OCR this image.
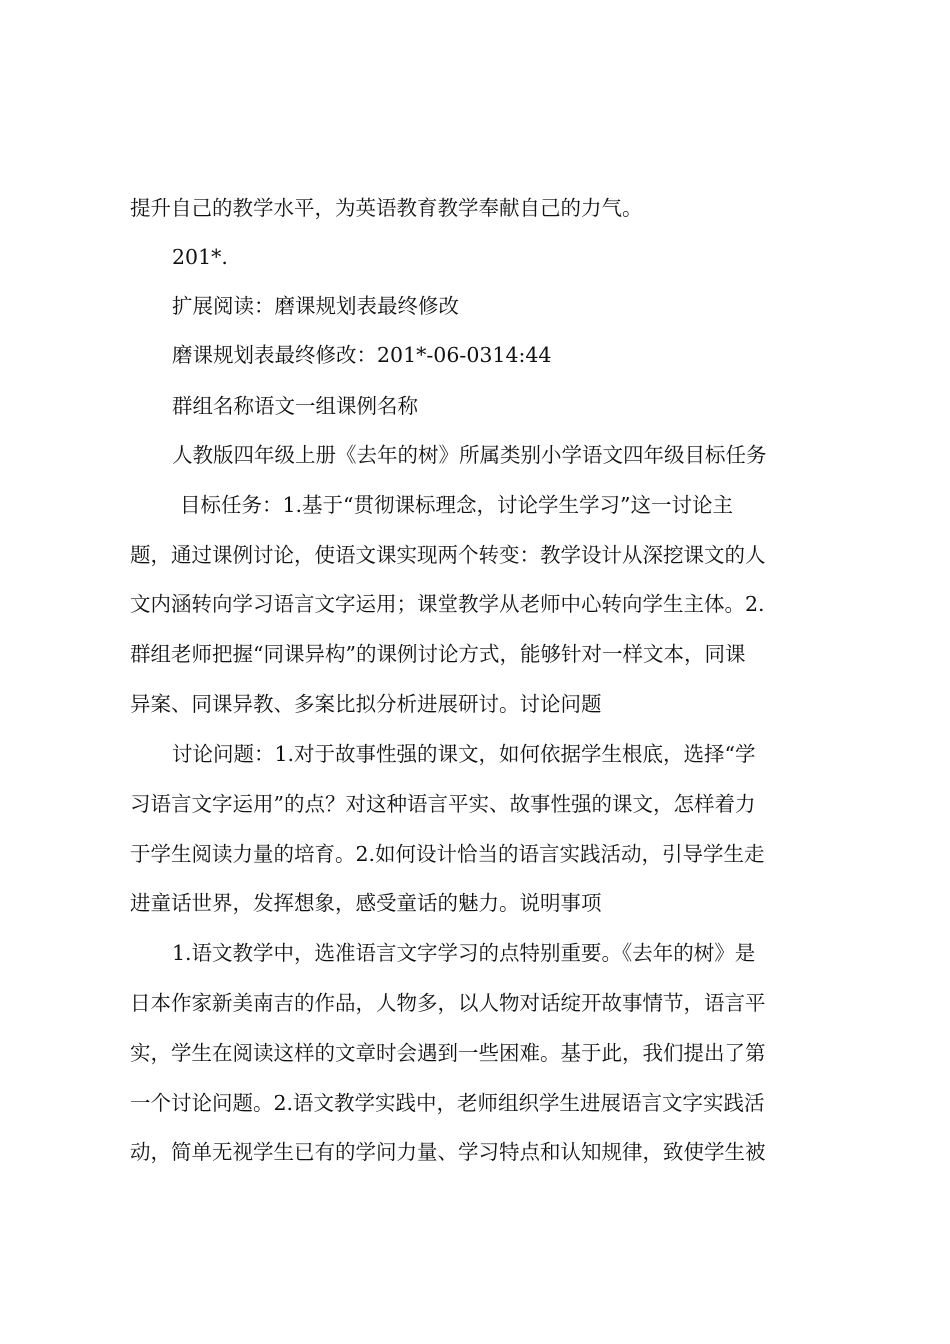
提升自己的教学水平，为英语教育教学奉献自己的力气。
201*.
扩展阅读：磨课规划表最终修改
磨课规划表最终修改：201*-06-0314:44
群组名称语文一组课例名称
人教版四年级上册《去年的树》所属类别小学语文四年级目标任务
目标任务：1.基于“贯彻课标理念，讨论学生学习”这一讨论主
题，通过课例讨论，使语文课实现两个转变：教学设计从深挖课文的人
文内涵转向学习语言文字运用；课堂教学从老师中心转向学生主体。2.
群组老师把握“同课异构”的课例讨论方式，能够针对一样文本，同课
异案、同课异教、多案比拟分析进展研讨。讨论问题
讨论问题：1.对于故事性强的课文，如何依据学生根底，选择“学
习语言文字运用”的点？对这种语言平实、故事性强的课文，怎样着力
于学生阅读力量的培育。2.如何设计恰当的语言实践活动，引导学生走
进童话世界，发挥想象，感受童话的魅力。说明事项
1.语文教学中，选准语言文字学习的点特别重要。《去年的树》是
日本作家新美南吉的作品，人物多，以人物对话绽开故事情节，语言平
实，学生在阅读这样的文章时会遇到一些困难。基于此，我们提出了第
一个讨论问题。2.语文教学实践中，老师组织学生进展语言文字实践活
动，简单无视学生已有的学问力量、学习特点和认知规律，致使学生被
